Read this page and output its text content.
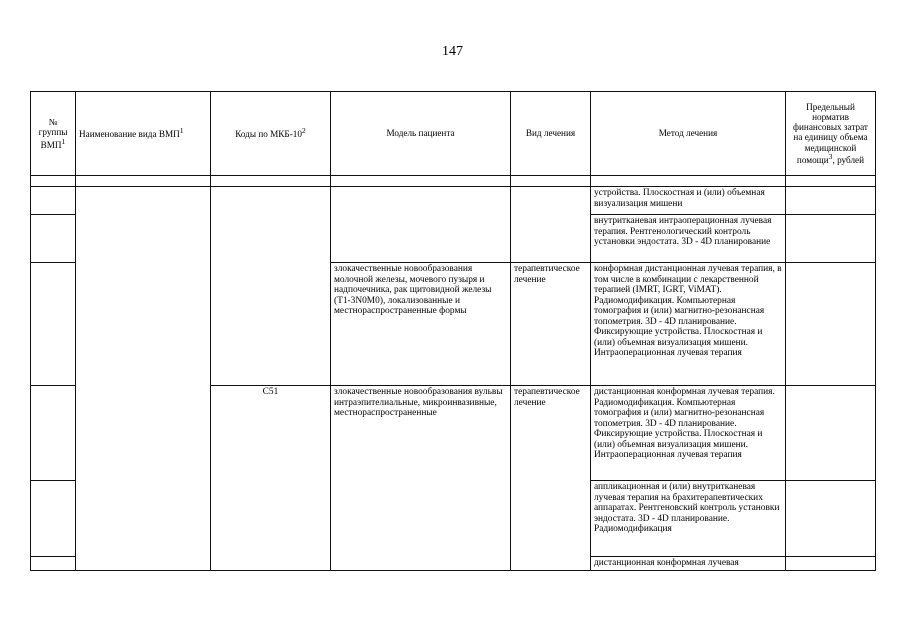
147
№ группы ВМП$^1$	Наименование вида ВМП$^1$	Коды по МКБ-$10^2$	Модель пациента	Вид лечения	Метод лечения	Предельный норматив финансовых затрат на единицу объема медицинской помощи$^3$, рублей

					устройства. Плоскостная и (или) объемная визуализация мишени	
					внутритканевая интраоперационная лучевая терапия. Рентгенологический контроль установки эндостата. 3D - 4D планирование	
			злокачественные новообразования молочной железы, мочевого пузыря и надпочечника, рак щитовидной железы (T1-3N0M0), локализованные и местнораспространенные формы	терапевтическое лечение	конформная дистанционная лучевая терапия, в том числе в комбинации с лекарственной терапией (IMRT, IGRT, ViMAT). Радиомодификация. Компьютерная томография и (или) магнитно-резонансная топометрия. 3D - 4D планирование. Фиксирующие устройства. Плоскостная и (или) объемная визуализация мишени. Интраоперационная лучевая терапия	
		C51	злокачественные новообразования вульвы интраэпителиальные, микроинвазивные, местнораспространенные	терапевтическое лечение	дистанционная конформная лучевая терапия. Радиомодификация. Компьютерная томография и (или) магнитно-резонансная топометрия. 3D - 4D планирование. Фиксирующие устройства. Плоскостная и (или) объемная визуализация мишени. Интраоперационная лучевая терапия	
					аппликационная и (или) внутритканевая лучевая терапия на брахитерапевтических аппаратах. Рентгеновский контроль установки эндостата. 3D - 4D планирование. Радиомодификация	
					дистанционная конформная лучевая	
